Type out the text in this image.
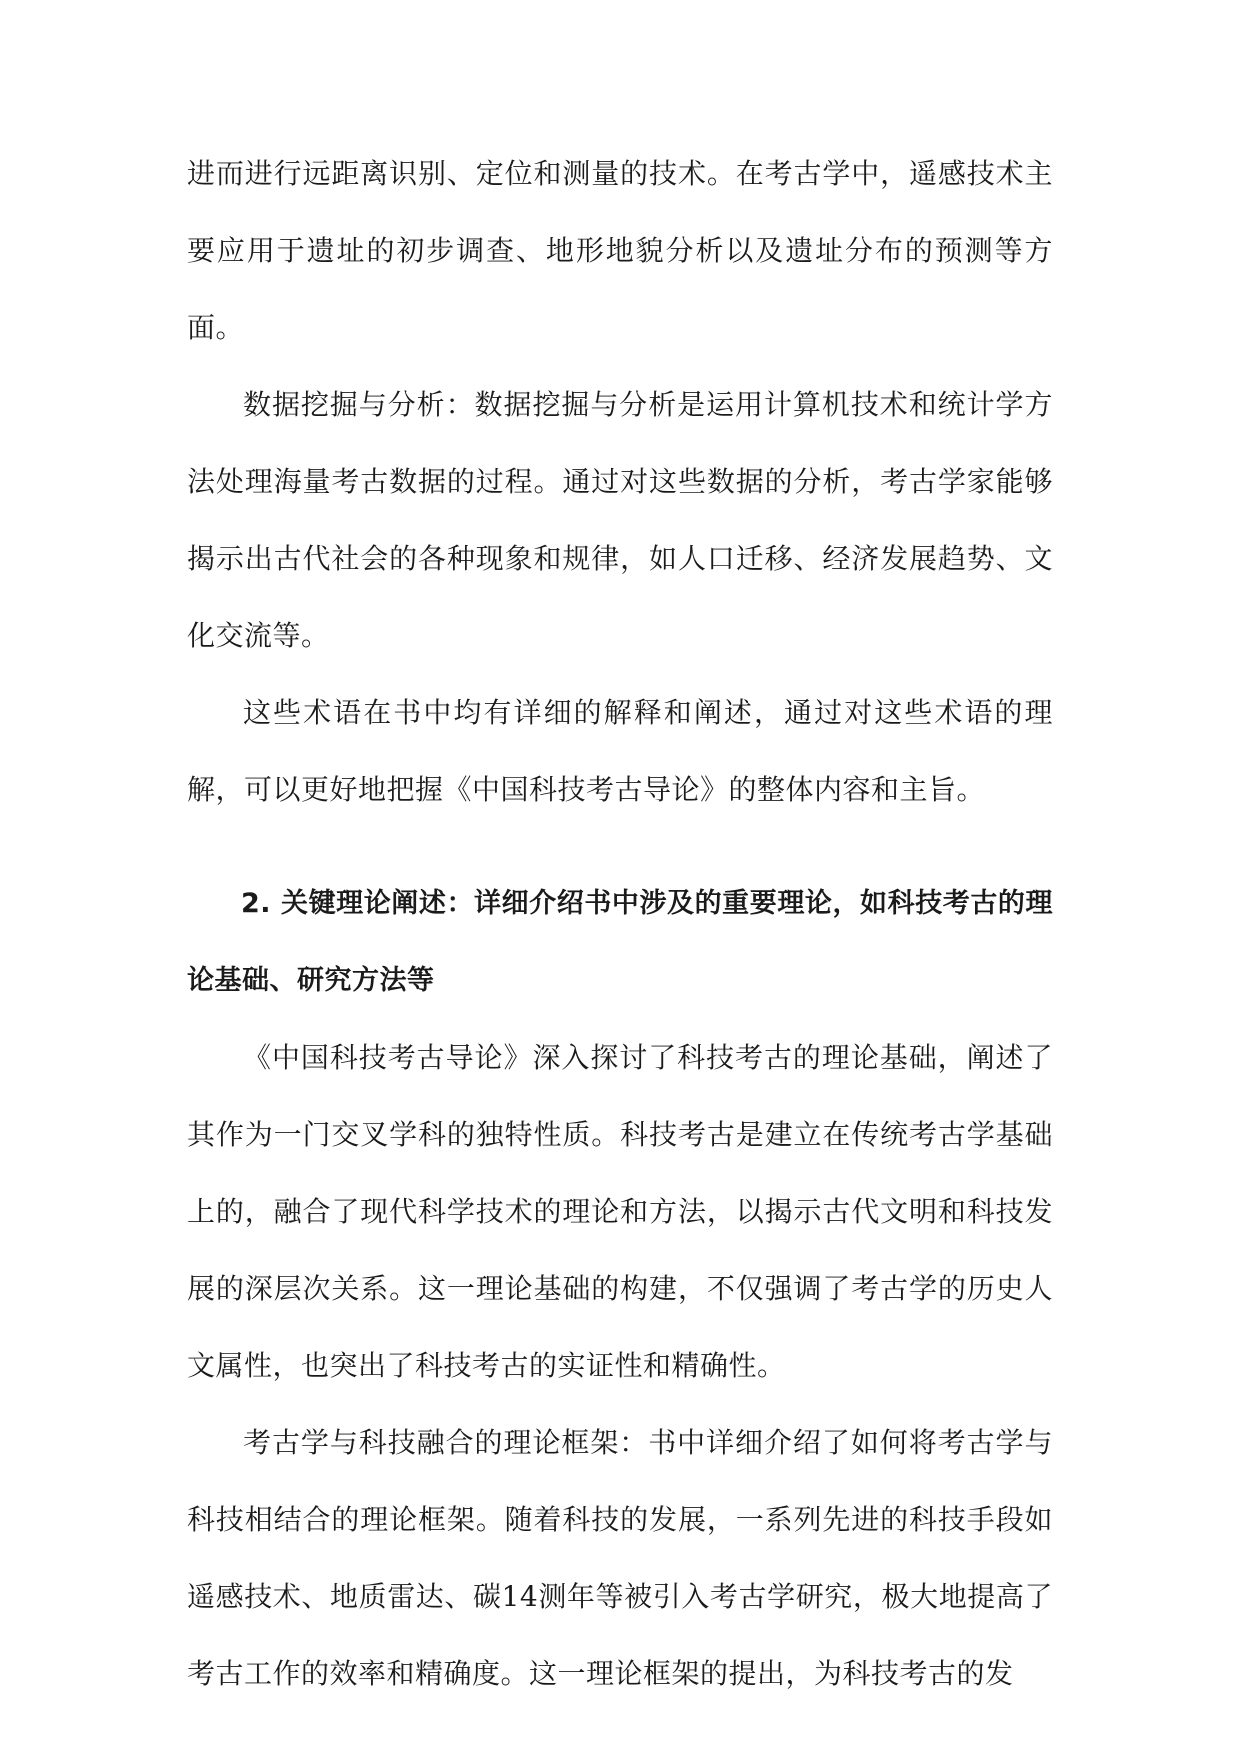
进而进行远距离识别、定位和测量的技术。在考古学中，遥感技术主要应用于遗址的初步调查、地形地貌分析以及遗址分布的预测等方面。

数据挖掘与分析：数据挖掘与分析是运用计算机技术和统计学方法处理海量考古数据的过程。通过对这些数据的分析，考古学家能够揭示出古代社会的各种现象和规律，如人口迁移、经济发展趋势、文化交流等。

这些术语在书中均有详细的解释和阐述，通过对这些术语的理解，可以更好地把握《中国科技考古导论》的整体内容和主旨。

2. 关键理论阐述：详细介绍书中涉及的重要理论，如科技考古的理论基础、研究方法等

《中国科技考古导论》深入探讨了科技考古的理论基础，阐述了其作为一门交叉学科的独特性质。科技考古是建立在传统考古学基础上的，融合了现代科学技术的理论和方法，以揭示古代文明和科技发展的深层次关系。这一理论基础的构建，不仅强调了考古学的历史人文属性，也突出了科技考古的实证性和精确性。

考古学与科技融合的理论框架：书中详细介绍了如何将考古学与科技相结合的理论框架。随着科技的发展，一系列先进的科技手段如遥感技术、地质雷达、碳14测年等被引入考古学研究，极大地提高了考古工作的效率和精确度。这一理论框架的提出，为科技考古的发
